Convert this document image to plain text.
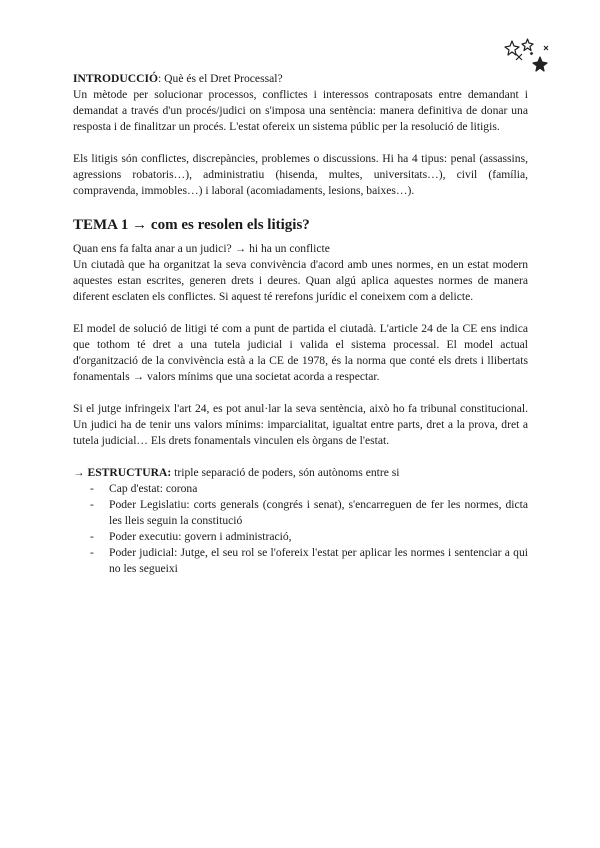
INTRODUCCIÓ: Què és el Dret Processal?

Un mètode per solucionar processos, conflictes i interessos contraposats entre demandant i demandat a través d'un procés/judici on s'imposa una sentència: manera definitiva de donar una resposta i de finalitzar un procés. L'estat ofereix un sistema públic per la resolució de litigis.

Els litigis són conflictes, discrepàncies, problemes o discussions. Hi ha 4 tipus: penal (assassins, agressions robatoris…), administratiu (hisenda, multes, universitats…), civil (família, compravenda, immobles…) i laboral (acomiadaments, lesions, baixes…).

TEMA 1 → com es resolen els litigis?

Quan ens fa falta anar a un judici? → hi ha un conflicte

Un ciutadà que ha organitzat la seva convivència d'acord amb unes normes, en un estat modern aquestes estan escrites, generen drets i deures. Quan algú aplica aquestes normes de manera diferent esclaten els conflictes. Si aquest té rerefons jurídic el coneixem com a delicte.

El model de solució de litigi té com a punt de partida el ciutadà. L'article 24 de la CE ens indica que tothom té dret a una tutela judicial i valida el sistema processal. El model actual d'organització de la convivència està a la CE de 1978, és la norma que conté els drets i llibertats fonamentals → valors mínims que una societat acorda a respectar.

Si el jutge infringeix l'art 24, es pot anul·lar la seva sentència, això ho fa tribunal constitucional. Un judici ha de tenir uns valors mínims: imparcialitat, igualtat entre parts, dret a la prova, dret a tutela judicial… Els drets fonamentals vinculen els òrgans de l'estat.

→ ESTRUCTURA: triple separació de poders, són autònoms entre si

- Cap d'estat: corona
- Poder Legislatiu: corts generals (congrés i senat), s'encarreguen de fer les normes, dicta les lleis seguin la constitució
- Poder executiu: govern i administració,
- Poder judicial: Jutge, el seu rol se l'ofereix l'estat per aplicar les normes i sentenciar a qui no les segueixi
